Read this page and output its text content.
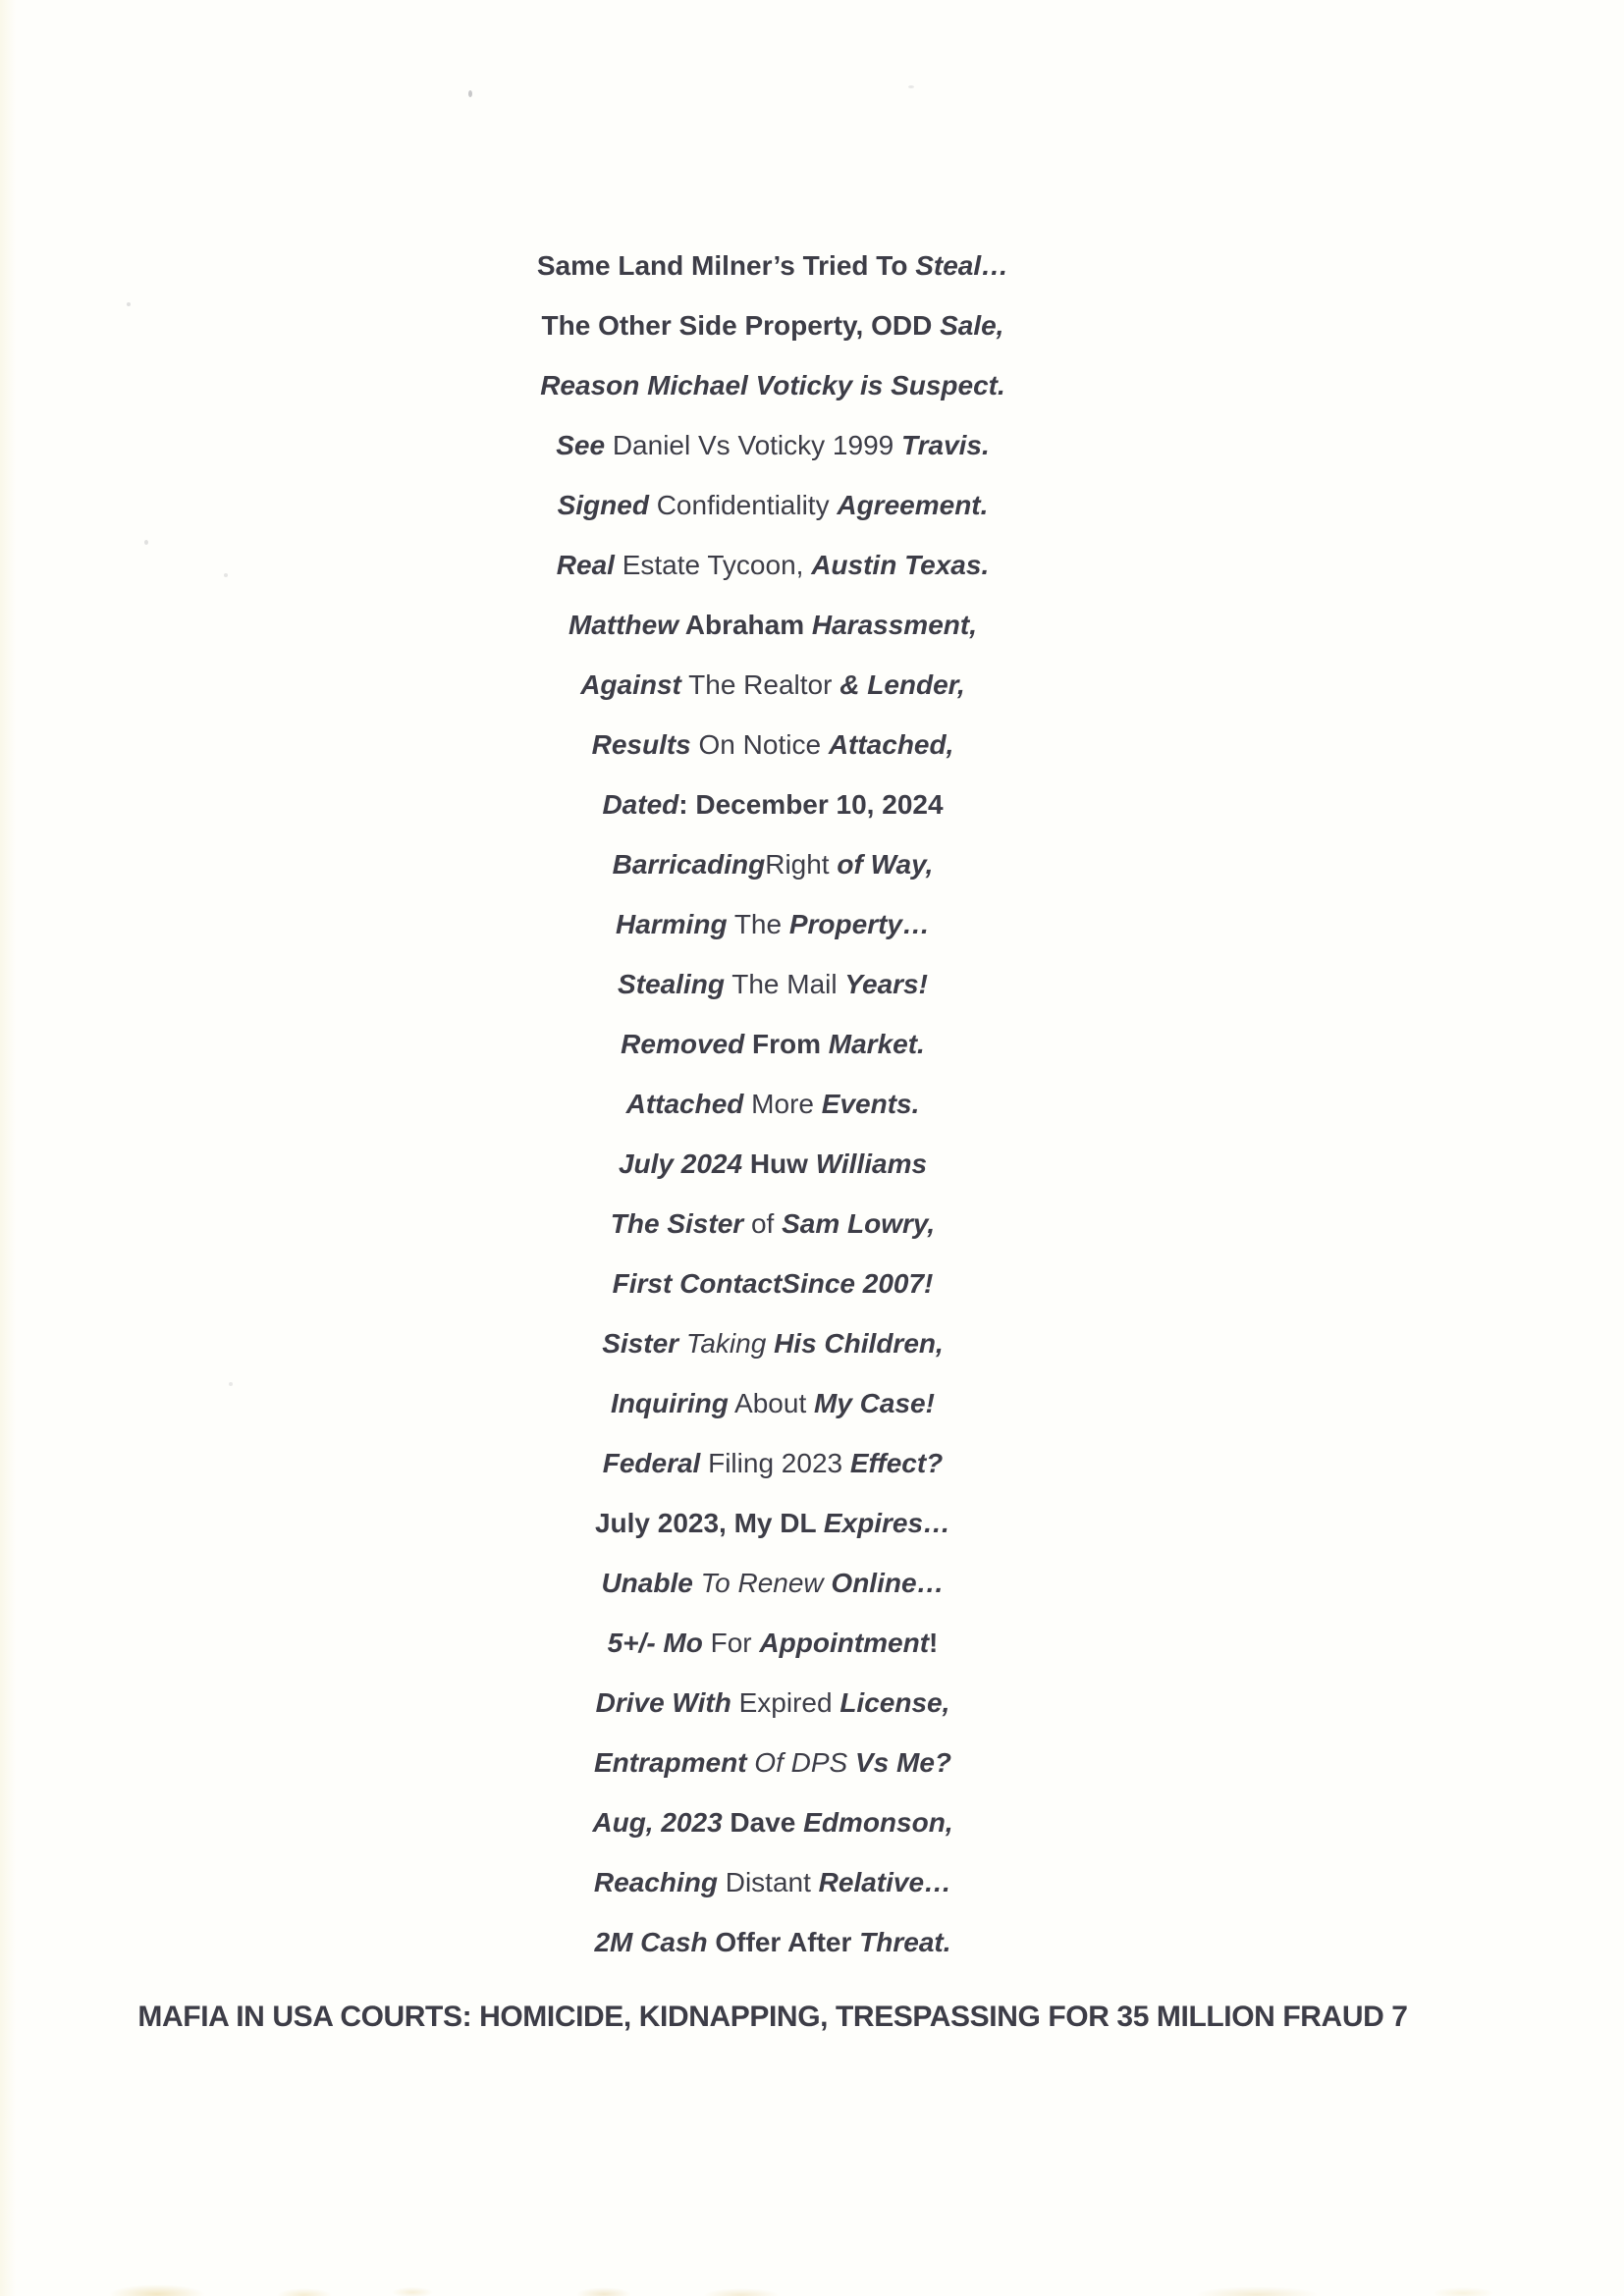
Same Land Milner’s Tried To Steal…
The Other Side Property, ODD Sale,
Reason Michael Voticky is Suspect.
See Daniel Vs Voticky 1999 Travis.
Signed Confidentiality Agreement.
Real Estate Tycoon, Austin Texas.
Matthew Abraham Harassment,
Against The Realtor & Lender,
Results On Notice Attached,
Dated: December 10, 2024
BarricadingRight of Way,
Harming The Property…
Stealing The Mail Years!
Removed From Market.
Attached More Events.
July 2024 Huw Williams
The Sister of Sam Lowry,
First ContactSince 2007!
Sister Taking His Children,
Inquiring About My Case!
Federal Filing 2023 Effect?
July 2023, My DL Expires…
Unable To Renew Online…
5+/- Mo For Appointment!
Drive With Expired License,
Entrapment Of DPS Vs Me?
Aug, 2023 Dave Edmonson,
Reaching Distant Relative…
2M Cash Offer After Threat.
MAFIA IN USA COURTS: HOMICIDE, KIDNAPPING, TRESPASSING FOR 35 MILLION FRAUD 7
